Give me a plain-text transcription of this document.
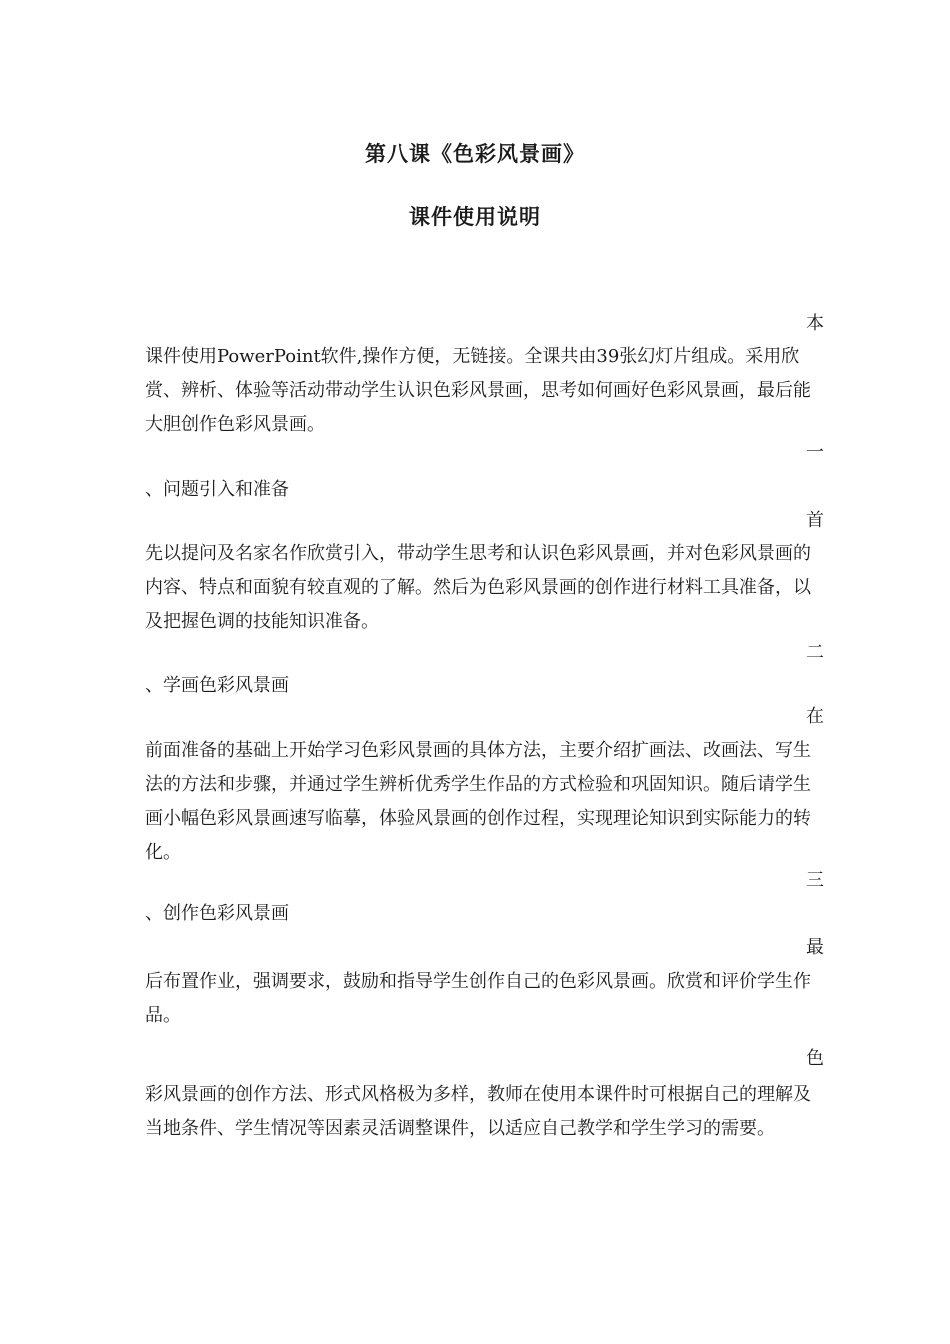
第八课《色彩风景画》
课件使用说明
本

课件使用PowerPoint软件,操作方便，无链接。全课共由39张幻灯片组成。采用欣赏、辨析、体验等活动带动学生认识色彩风景画，思考如何画好色彩风景画，最后能大胆创作色彩风景画。

一

、问题引入和准备

首

先以提问及名家名作欣赏引入，带动学生思考和认识色彩风景画，并对色彩风景画的内容、特点和面貌有较直观的了解。然后为色彩风景画的创作进行材料工具准备，以及把握色调的技能知识准备。

二

、学画色彩风景画

在

前面准备的基础上开始学习色彩风景画的具体方法，主要介绍扩画法、改画法、写生法的方法和步骤，并通过学生辨析优秀学生作品的方式检验和巩固知识。随后请学生画小幅色彩风景画速写临摹，体验风景画的创作过程，实现理论知识到实际能力的转化。

三

、创作色彩风景画

最

后布置作业，强调要求，鼓励和指导学生创作自己的色彩风景画。欣赏和评价学生作品。

色

彩风景画的创作方法、形式风格极为多样，教师在使用本课件时可根据自己的理解及当地条件、学生情况等因素灵活调整课件，以适应自己教学和学生学习的需要。
